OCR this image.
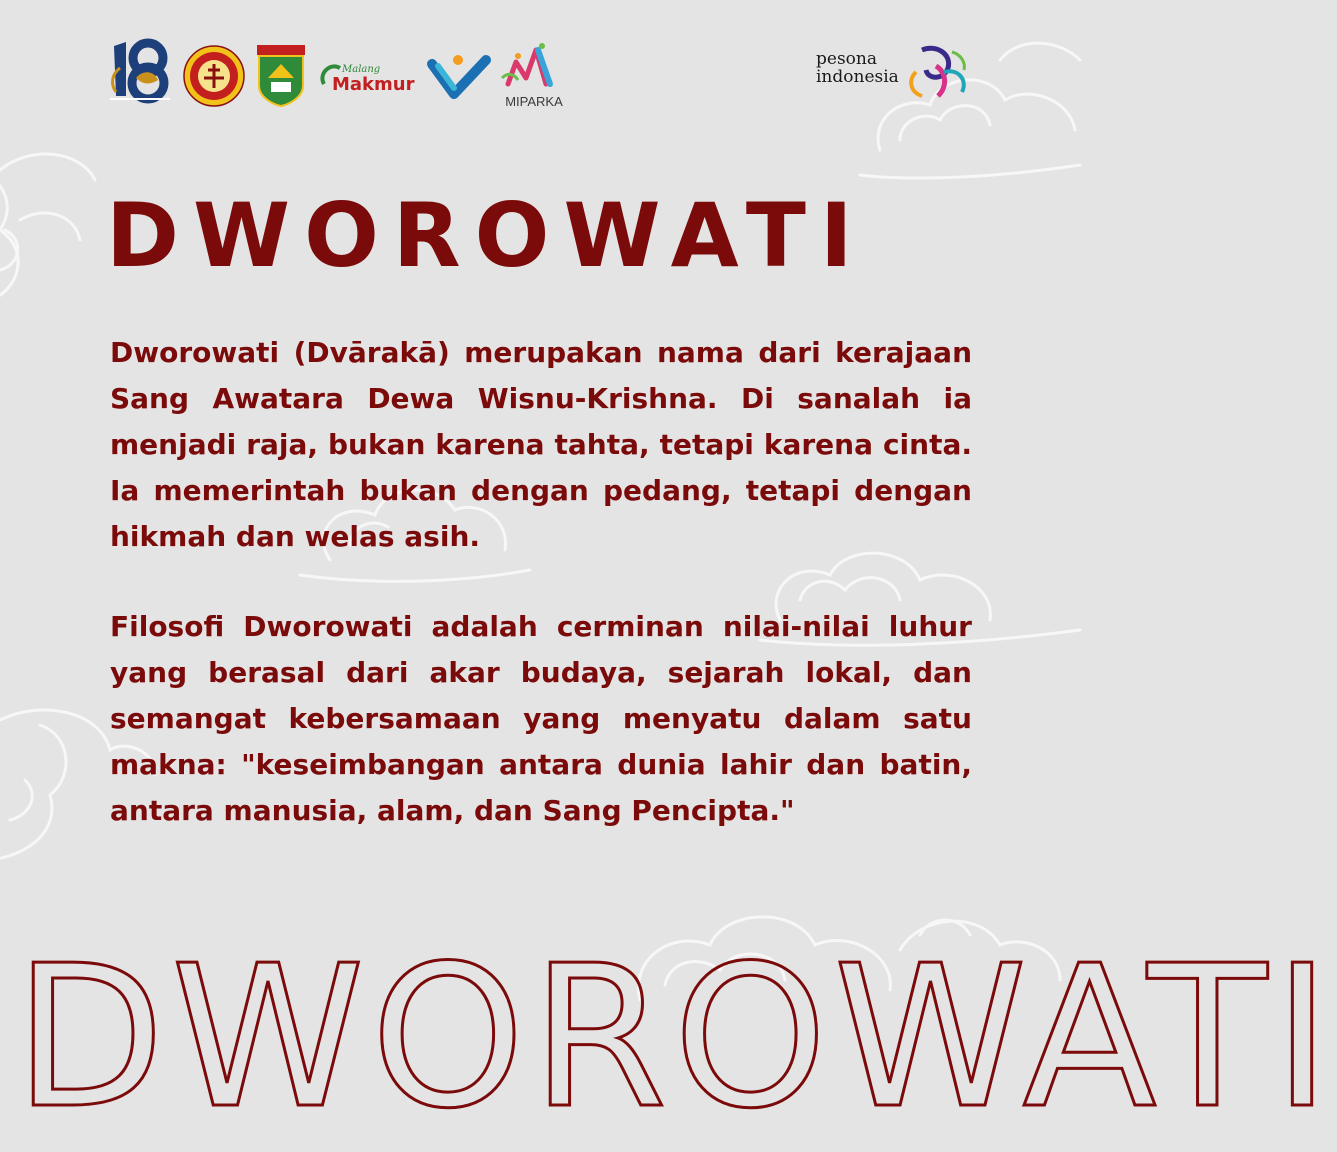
Malang
Makmur
MIPARKA
pesona
indonesia
DWOROWATI

Dworowati (Dvārakā) merupakan nama dari kerajaan Sang Awatara Dewa Wisnu-Krishna. Di sanalah ia menjadi raja, bukan karena tahta, tetapi karena cinta. Ia memerintah bukan dengan pedang, tetapi dengan hikmah dan welas asih.

Filosofi Dworowati adalah cerminan nilai-nilai luhur yang berasal dari akar budaya, sejarah lokal, dan semangat kebersamaan yang menyatu dalam satu makna: "keseimbangan antara dunia lahir dan batin, antara manusia, alam, dan Sang Pencipta."

DWOROWATI
